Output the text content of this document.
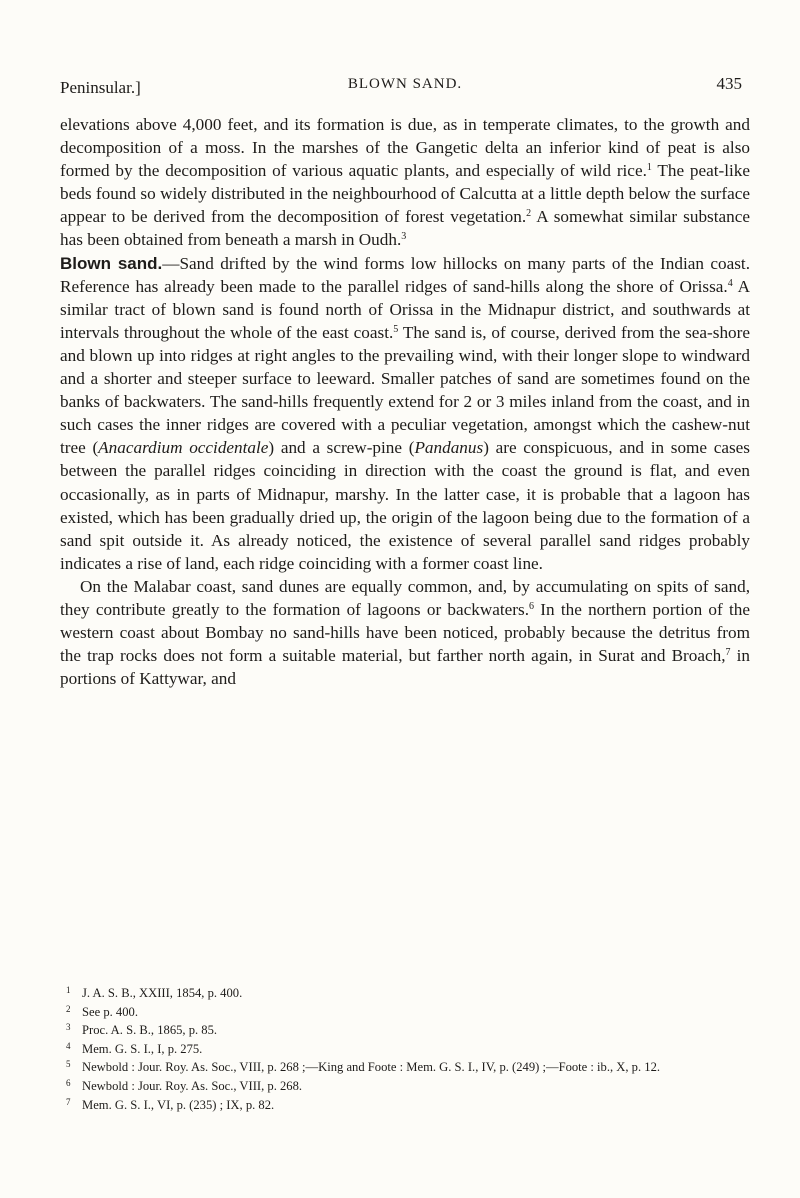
Peninsular.]	BLOWN SAND.	435

elevations above 4,000 feet, and its formation is due, as in temperate climates, to the growth and decomposition of a moss. In the marshes of the Gangetic delta an inferior kind of peat is also formed by the decomposition of various aquatic plants, and especially of wild rice.$^1$ The peat-like beds found so widely distributed in the neighbourhood of Calcutta at a little depth below the surface appear to be derived from the decomposition of forest vegetation.$^2$ A somewhat similar substance has been obtained from beneath a marsh in Oudh.$^3$

Blown sand.—Sand drifted by the wind forms low hillocks on many parts of the Indian coast. Reference has already been made to the parallel ridges of sand-hills along the shore of Orissa.$^4$ A similar tract of blown sand is found north of Orissa in the Midnapur district, and southwards at intervals throughout the whole of the east coast.$^5$ The sand is, of course, derived from the sea-shore and blown up into ridges at right angles to the prevailing wind, with their longer slope to windward and a shorter and steeper surface to leeward. Smaller patches of sand are sometimes found on the banks of backwaters. The sand-hills frequently extend for 2 or 3 miles inland from the coast, and in such cases the inner ridges are covered with a peculiar vegetation, amongst which the cashew-nut tree (Anacardium occidentale) and a screw-pine (Pandanus) are conspicuous, and in some cases between the parallel ridges coinciding in direction with the coast the ground is flat, and even occasionally, as in parts of Midnapur, marshy. In the latter case, it is probable that a lagoon has existed, which has been gradually dried up, the origin of the lagoon being due to the formation of a sand spit outside it. As already noticed, the existence of several parallel sand ridges probably indicates a rise of land, each ridge coinciding with a former coast line.

On the Malabar coast, sand dunes are equally common, and, by accumulating on spits of sand, they contribute greatly to the formation of lagoons or backwaters.$^6$ In the northern portion of the western coast about Bombay no sand-hills have been noticed, probably because the detritus from the trap rocks does not form a suitable material, but farther north again, in Surat and Broach,$^7$ in portions of Kattywar, and

1 J. A. S. B., XXIII, 1854, p. 400.
2 See p. 400.
3 Proc. A. S. B., 1865, p. 85.
4 Mem. G. S. I., I, p. 275.
5 Newbold : Jour. Roy. As. Soc., VIII, p. 268 ;—King and Foote : Mem. G. S. I., IV, p. (249) ;—Foote : ib., X, p. 12.
6 Newbold : Jour. Roy. As. Soc., VIII, p. 268.
7 Mem. G. S. I., VI, p. (235) ; IX, p. 82.
